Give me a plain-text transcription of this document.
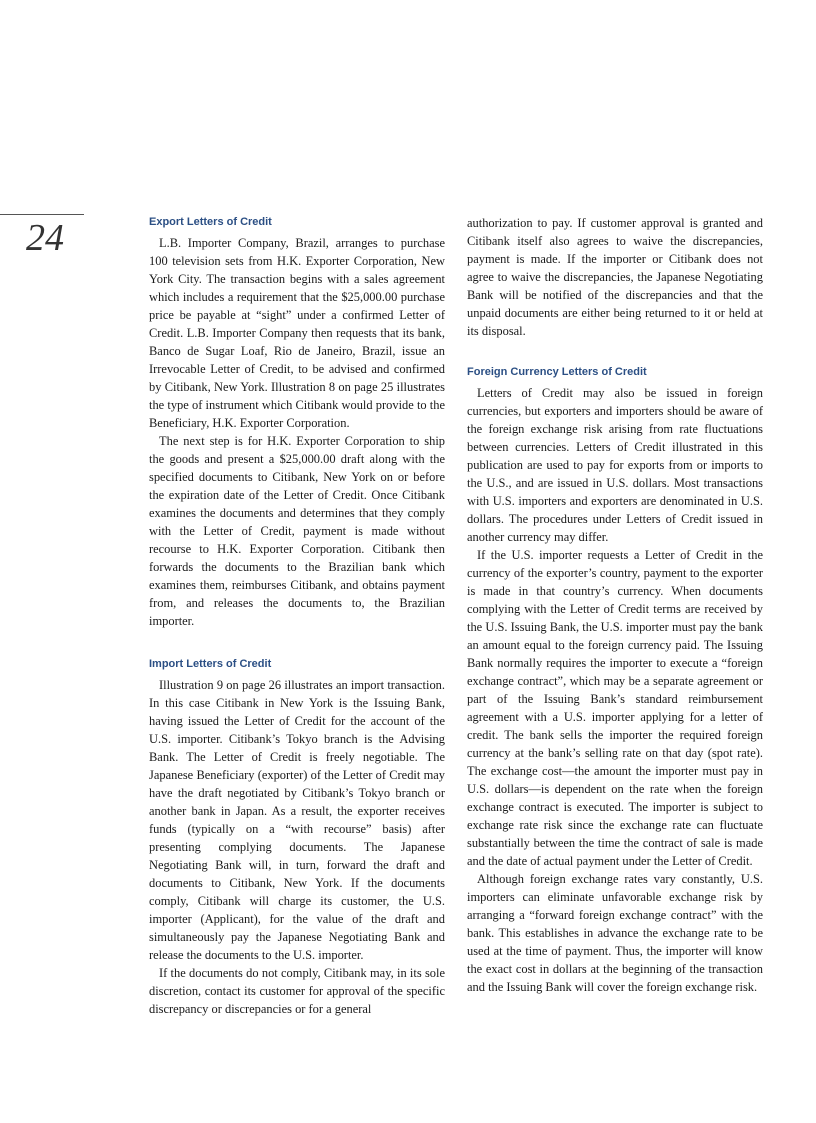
24	Export Letters of Credit

L.B. Importer Company, Brazil, arranges to purchase 100 television sets from H.K. Exporter Corporation, New York City. The transaction begins with a sales agreement which includes a requirement that the $25,000.00 purchase price be payable at “sight” under a confirmed Letter of Credit. L.B. Importer Company then requests that its bank, Banco de Sugar Loaf, Rio de Janeiro, Brazil, issue an Irrevocable Letter of Credit, to be advised and confirmed by Citibank, New York. Illustration 8 on page 25 illustrates the type of instrument which Citibank would provide to the Beneficiary, H.K. Exporter Corporation.

The next step is for H.K. Exporter Corporation to ship the goods and present a $25,000.00 draft along with the specified documents to Citibank, New York on or before the expiration date of the Letter of Credit. Once Citibank examines the documents and determines that they comply with the Letter of Credit, payment is made without recourse to H.K. Exporter Corporation. Citibank then forwards the documents to the Brazilian bank which examines them, reimburses Citibank, and obtains payment from, and releases the documents to, the Brazilian importer.

Import Letters of Credit

Illustration 9 on page 26 illustrates an import transaction. In this case Citibank in New York is the Issuing Bank, having issued the Letter of Credit for the account of the U.S. importer. Citibank’s Tokyo branch is the Advising Bank. The Letter of Credit is freely negotiable. The Japanese Beneficiary (exporter) of the Letter of Credit may have the draft negotiated by Citibank’s Tokyo branch or another bank in Japan. As a result, the exporter receives funds (typically on a “with recourse” basis) after presenting complying documents. The Japanese Negotiating Bank will, in turn, forward the draft and documents to Citibank, New York. If the documents comply, Citibank will charge its customer, the U.S. importer (Applicant), for the value of the draft and simultaneously pay the Japanese Negotiating Bank and release the documents to the U.S. importer.

If the documents do not comply, Citibank may, in its sole discretion, contact its customer for approval of the specific discrepancy or discrepancies or for a general

authorization to pay. If customer approval is granted and Citibank itself also agrees to waive the discrepancies, payment is made. If the importer or Citibank does not agree to waive the discrepancies, the Japanese Negotiating Bank will be notified of the discrepancies and that the unpaid documents are either being returned to it or held at its disposal.

Foreign Currency Letters of Credit

Letters of Credit may also be issued in foreign currencies, but exporters and importers should be aware of the foreign exchange risk arising from rate fluctuations between currencies. Letters of Credit illustrated in this publication are used to pay for exports from or imports to the U.S., and are issued in U.S. dollars. Most transactions with U.S. importers and exporters are denominated in U.S. dollars. The procedures under Letters of Credit issued in another currency may differ.

If the U.S. importer requests a Letter of Credit in the currency of the exporter’s country, payment to the exporter is made in that country’s currency. When documents complying with the Letter of Credit terms are received by the U.S. Issuing Bank, the U.S. importer must pay the bank an amount equal to the foreign currency paid. The Issuing Bank normally requires the importer to execute a “foreign exchange contract”, which may be a separate agreement or part of the Issuing Bank’s standard reimbursement agreement with a U.S. importer applying for a letter of credit. The bank sells the importer the required foreign currency at the bank’s selling rate on that day (spot rate). The exchange cost—the amount the importer must pay in U.S. dollars—is dependent on the rate when the foreign exchange contract is executed. The importer is subject to exchange rate risk since the exchange rate can fluctuate substantially between the time the contract of sale is made and the date of actual payment under the Letter of Credit.

Although foreign exchange rates vary constantly, U.S. importers can eliminate unfavorable exchange risk by arranging a “forward foreign exchange contract” with the bank. This establishes in advance the exchange rate to be used at the time of payment. Thus, the importer will know the exact cost in dollars at the beginning of the transaction and the Issuing Bank will cover the foreign exchange risk.
